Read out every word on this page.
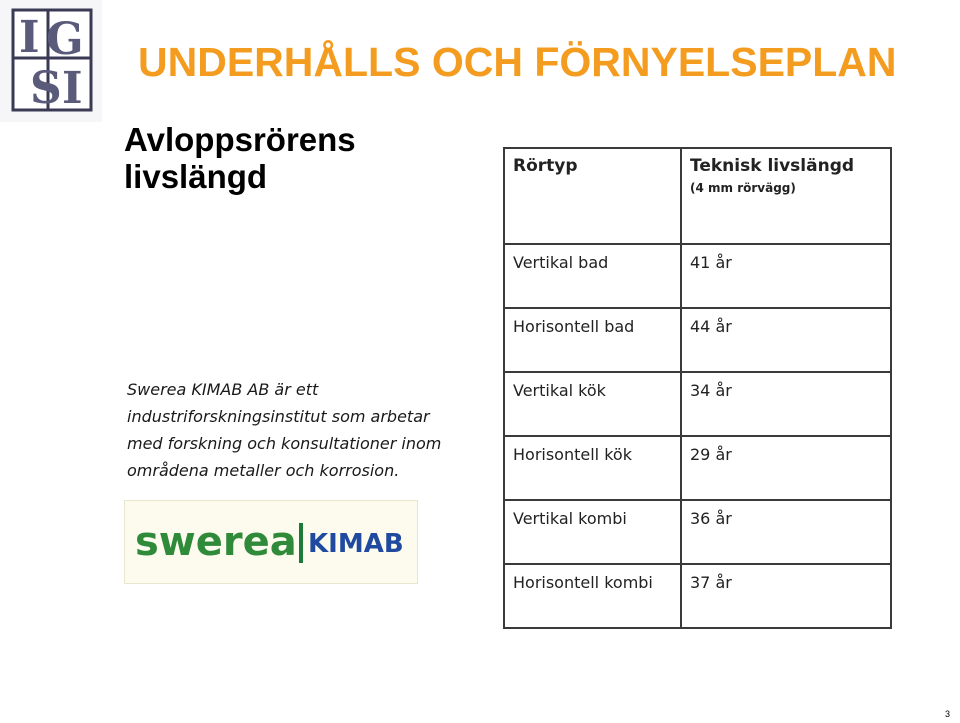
I G
S I
UNDERHÅLLS OCH FÖRNYELSEPLAN
Avloppsrörens livslängd

Swerea KIMAB AB är ett industriforskningsinstitut som arbetar med forskning och konsultationer inom områdena metaller och korrosion.

swerea KIMAB
Rörtyp	Teknisk livslängd
(4 mm rörvägg)

Vertikal bad	41 år
Horisontell bad	44 år
Vertikal kök	34 år
Horisontell kök	29 år
Vertikal kombi	36 år
Horisontell kombi	37 år
3
